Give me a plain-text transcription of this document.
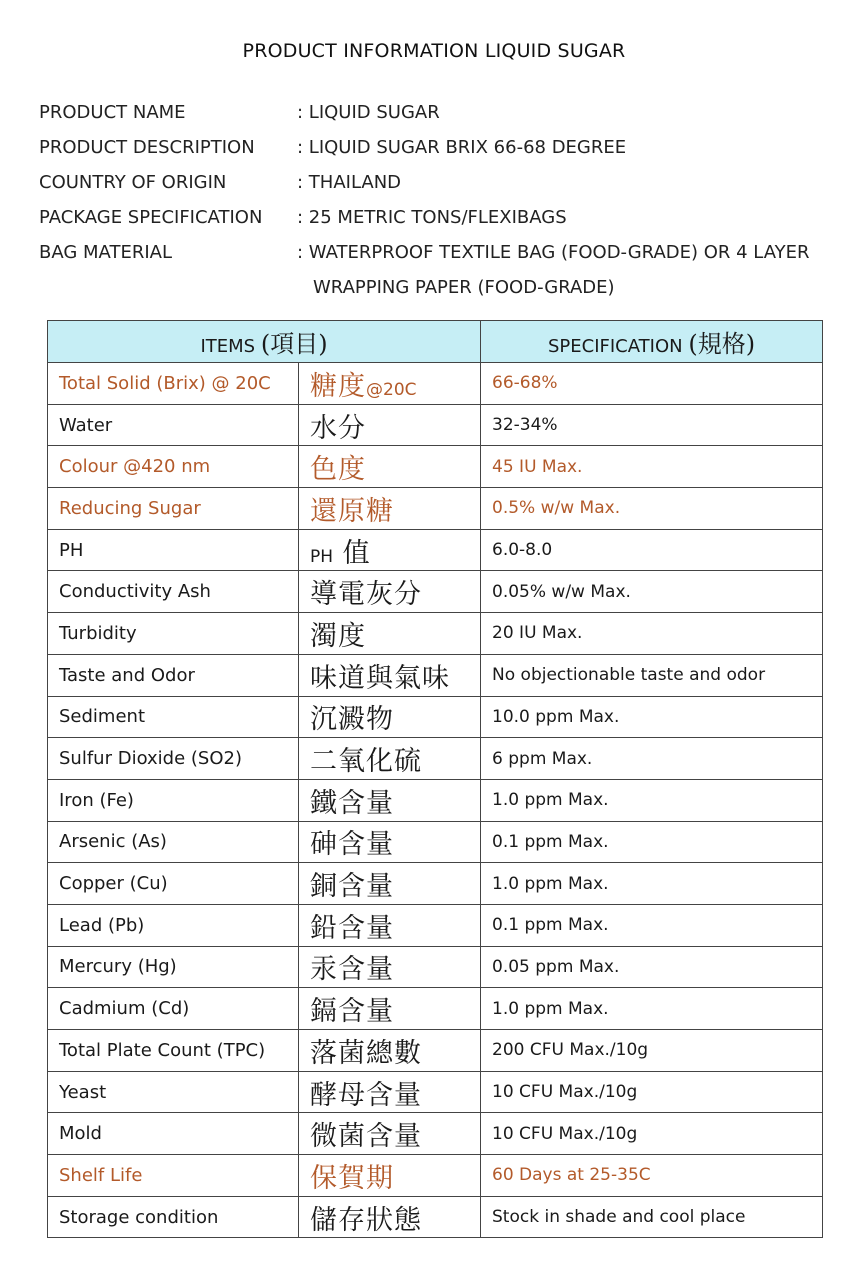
PRODUCT INFORMATION LIQUID SUGAR
PRODUCT NAME	: LIQUID SUGAR
PRODUCT DESCRIPTION	: LIQUID SUGAR BRIX 66-68 DEGREE
COUNTRY OF ORIGIN	: THAILAND
PACKAGE SPECIFICATION	: 25 METRIC TONS/FLEXIBAGS
BAG MATERIAL	: WATERPROOF TEXTILE BAG (FOOD-GRADE) OR 4 LAYER
WRAPPING PAPER (FOOD-GRADE)
ITEMS (項目)		SPECIFICATION (規格)
Total Solid (Brix) @ 20C	糖度@20C	66-68%
Water	水分	32-34%
Colour @420 nm	色度	45 IU Max.
Reducing Sugar	還原糖	0.5% w/w Max.
PH	PH 值	6.0-8.0
Conductivity Ash	導電灰分	0.05% w/w Max.
Turbidity	濁度	20 IU Max.
Taste and Odor	味道與氣味	No objectionable taste and odor
Sediment	沉澱物	10.0 ppm Max.
Sulfur Dioxide (SO2)	二氧化硫	6 ppm Max.
Iron (Fe)	鐵含量	1.0 ppm Max.
Arsenic (As)	砷含量	0.1 ppm Max.
Copper (Cu)	銅含量	1.0 ppm Max.
Lead (Pb)	鉛含量	0.1 ppm Max.
Mercury (Hg)	汞含量	0.05 ppm Max.
Cadmium (Cd)	鎘含量	1.0 ppm Max.
Total Plate Count (TPC)	落菌總數	200 CFU Max./10g
Yeast	酵母含量	10 CFU Max./10g
Mold	微菌含量	10 CFU Max./10g
Shelf Life	保賀期	60 Days at 25-35C
Storage condition	儲存狀態	Stock in shade and cool place
